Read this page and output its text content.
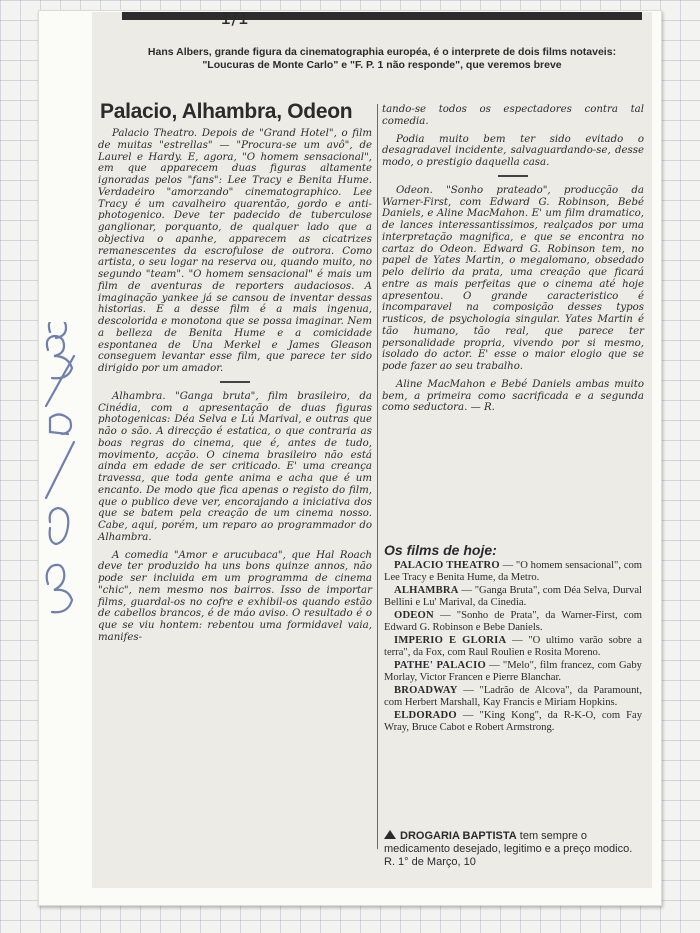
1/1
Hans Albers, grande figura da cinematographia européa, é o interprete de dois films notaveis: "Loucuras de Monte Carlo" e "F. P. 1 não responde", que veremos breve
Palacio, Alhambra, Odeon

Palacio Theatro. Depois de "Grand Hotel", o film de muitas "estrellas" — "Procura-se um avô", de Laurel e Hardy. E, agora, "O homem sensacional", em que apparecem duas figuras altamente ignoradas pelos "fans": Lee Tracy e Benita Hume. Verdadeiro "amorzando" cinematographico. Lee Tracy é um cavalheiro quarentão, gordo e anti-photogenico. Deve ter padecido de tuberculose ganglionar, porquanto, de qualquer lado que a objectiva o apanhe, apparecem as cicatrizes remanescentes da escrofulose de outrora. Como artista, o seu logar na reserva ou, quando muito, no segundo "team". "O homem sensacional" é mais um film de aventuras de reporters audaciosos. A imaginação yankee já se cansou de inventar dessas historias. E a desse film é a mais ingenua, descolorida e monotona que se possa imaginar. Nem a belleza de Benita Hume e a comicidade espontanea de Una Merkel e James Gleason conseguem levantar esse film, que parece ter sido dirigido por um amador.

Alhambra. "Ganga bruta", film brasileiro, da Cinédia, com a apresentação de duas figuras photogenicas: Déa Selva e Lú Marival, e outras que não o são. A direcção é estatica, o que contraria as boas regras do cinema, que é, antes de tudo, movimento, acção. O cinema brasileiro não está ainda em edade de ser criticado. E' uma creança travessa, que toda gente anima e acha que é um encanto. De modo que fica apenas o registo do film, que o publico deve ver, encorajando a iniciativa dos que se batem pela creação de um cinema nosso. Cabe, aqui, porém, um reparo ao programmador do Alhambra.

A comedia "Amor e arucubaca", que Hal Roach deve ter produzido ha uns bons quinze annos, não pode ser incluida em um programma de cinema "chic", nem mesmo nos bairros. Isso de importar films, guardal-os no cofre e exhibil-os quando estão de cabellos brancos, é de máo aviso. O resultado é o que se viu hontem: rebentou uma formidavel vaia, manifes-

tando-se todos os espectadores contra tal comedia.

Podia muito bem ter sido evitado o desagradavel incidente, salvaguardando-se, desse modo, o prestigio daquella casa.

Odeon. "Sonho prateado", producção da Warner-First, com Edward G. Robinson, Bebé Daniels, e Aline MacMahon. E' um film dramatico, de lances interessantissimos, realçados por uma interpretação magnifica, e que se encontra no cartaz do Odeon. Edward G. Robinson tem, no papel de Yates Martin, o megalomano, obsedado pelo delirio da prata, uma creação que ficará entre as mais perfeitas que o cinema até hoje apresentou. O grande caracteristico é incomparavel na composição desses typos rusticos, de psychologia singular. Yates Martin é tão humano, tão real, que parece ter personalidade propria, vivendo por si mesmo, isolado do actor. E' esse o maior elogio que se pode fazer ao seu trabalho.

Aline MacMahon e Bebé Daniels ambas muito bem, a primeira como sacrificada e a segunda como seductora. — R.

Os films de hoje:

PALACIO THEATRO — "O homem sensacional", com Lee Tracy e Benita Hume, da Metro.

ALHAMBRA — "Ganga Bruta", com Déa Selva, Durval Bellini e Lu' Marival, da Cinedia.

ODEON — "Sonho de Prata", da Warner-First, com Edward G. Robinson e Bebe Daniels.

IMPERIO E GLORIA — "O ultimo varão sobre a terra", da Fox, com Raul Roulien e Rosita Moreno.

PATHE' PALACIO — "Melo", film francez, com Gaby Morlay, Victor Francen e Pierre Blanchar.

BROADWAY — "Ladrão de Alcova", da Paramount, com Herbert Marshall, Kay Francis e Miriam Hopkins.

ELDORADO — "King Kong", da R-K-O, com Fay Wray, Bruce Cabot e Robert Armstrong.

DROGARIA BAPTISTA tem sempre o medicamento desejado, legitimo e a preço modico. R. 1° de Março, 10
